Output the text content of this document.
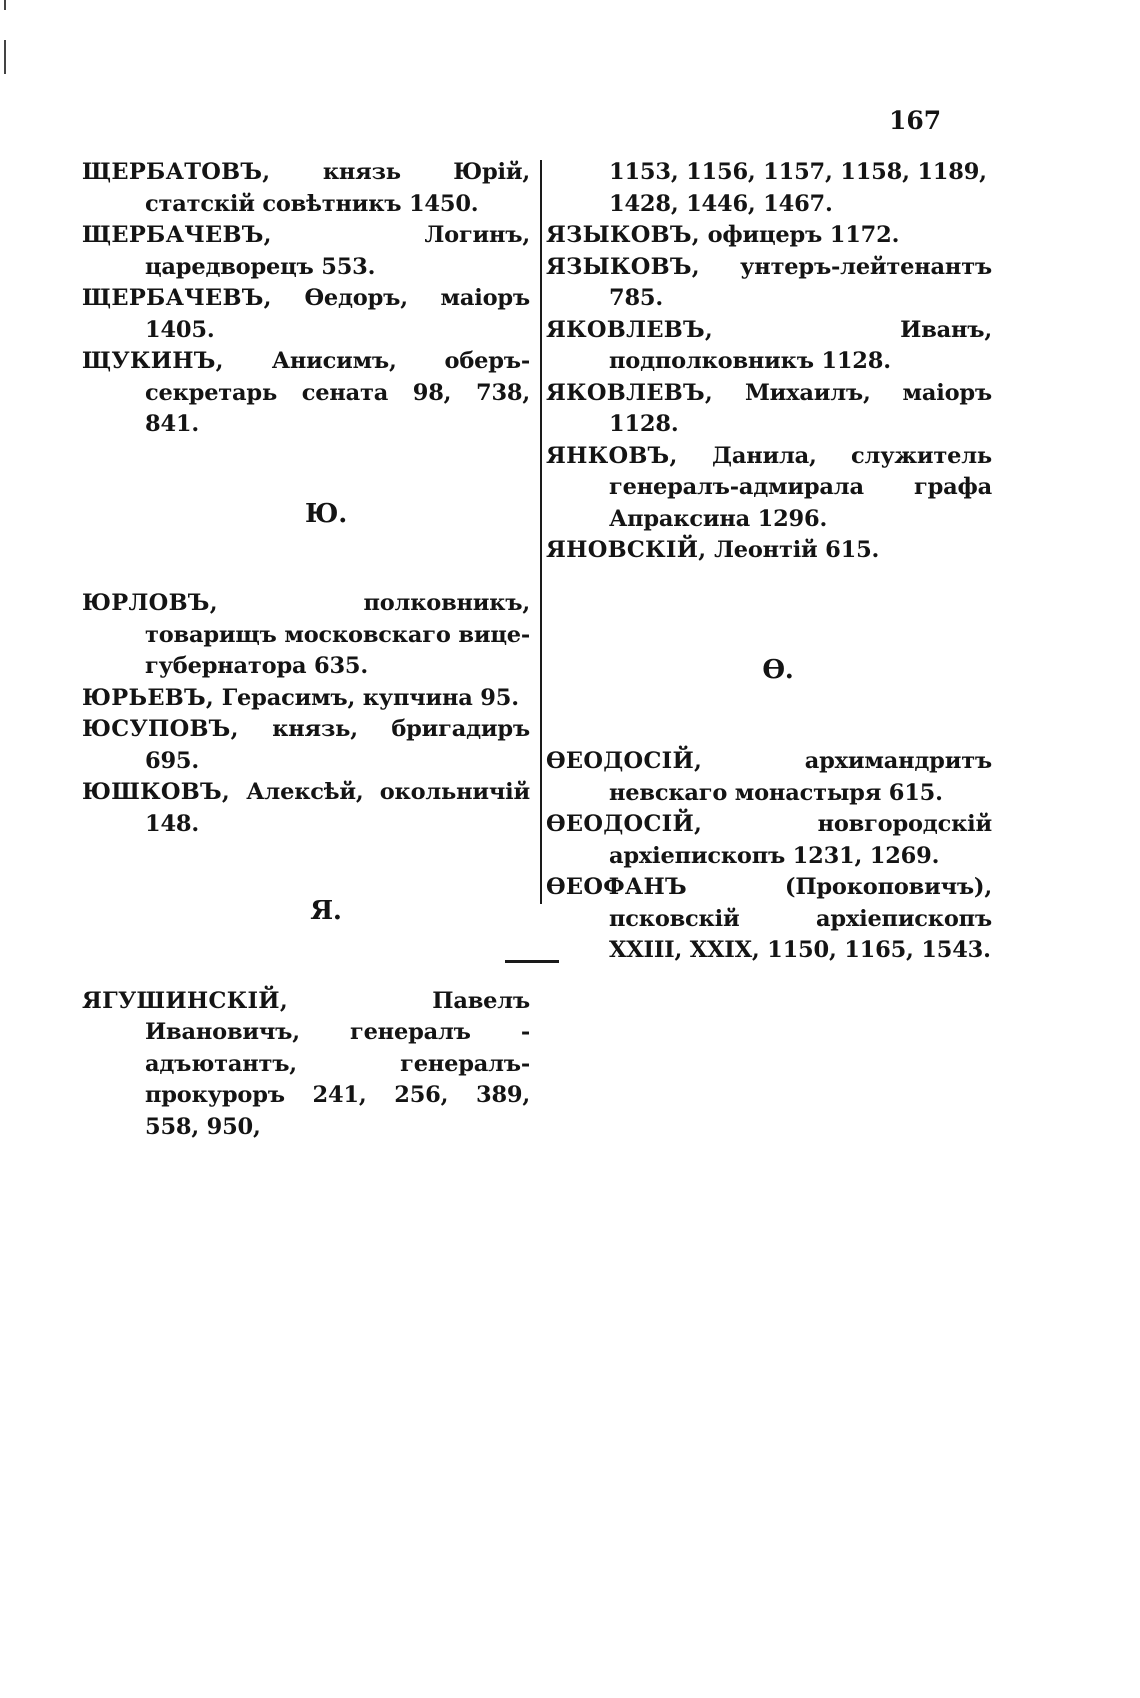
167

ЩЕРБАТОВЪ, князь Юрій, статскій совѣтникъ 1450.

ЩЕРБАЧЕВЪ,	Логинъ, царедворецъ 553.

ЩЕРБАЧЕВЪ, Ѳедоръ, маіоръ 1405.

ЩУКИНЪ, Анисимъ, оберъ-секретарь сената 98, 738, 841.

Ю.

ЮРЛОВЪ,	полковникъ, товарищъ московскаго вице-губернатора 635.

ЮРЬЕВЪ, Герасимъ, купчина 95.

ЮСУПОВЪ, князь, бригадиръ 695.

ЮШКОВЪ, Алексѣй, окольничій 148.

Я.

ЯГУШИНСКІЙ,	Павелъ Ивановичъ, генералъ - адъютантъ, генералъ-прокуроръ 241, 256, 389, 558, 950,

1153, 1156, 1157, 1158, 1189, 1428, 1446, 1467.

ЯЗЫКОВЪ, офицеръ 1172.

ЯЗЫКОВЪ, унтеръ-лейтенантъ 785.

ЯКОВЛЕВЪ,	Иванъ, подполковникъ 1128.

ЯКОВЛЕВЪ, Михаилъ, маіоръ 1128.

ЯНКОВЪ, Данила, служитель генералъ-адмирала графа Апраксина 1296.

ЯНОВСКІЙ, Леонтій 615.

Ѳ.

ѲЕОДОСІЙ,	архимандритъ невскаго монастыря 615.

ѲЕОДОСІЙ,	новгородскій архіепископъ 1231, 1269.

ѲЕОФАНЪ	(Прокоповичъ), псковскій архіепископъ XXIII, XXIX, 1150, 1165, 1543.
